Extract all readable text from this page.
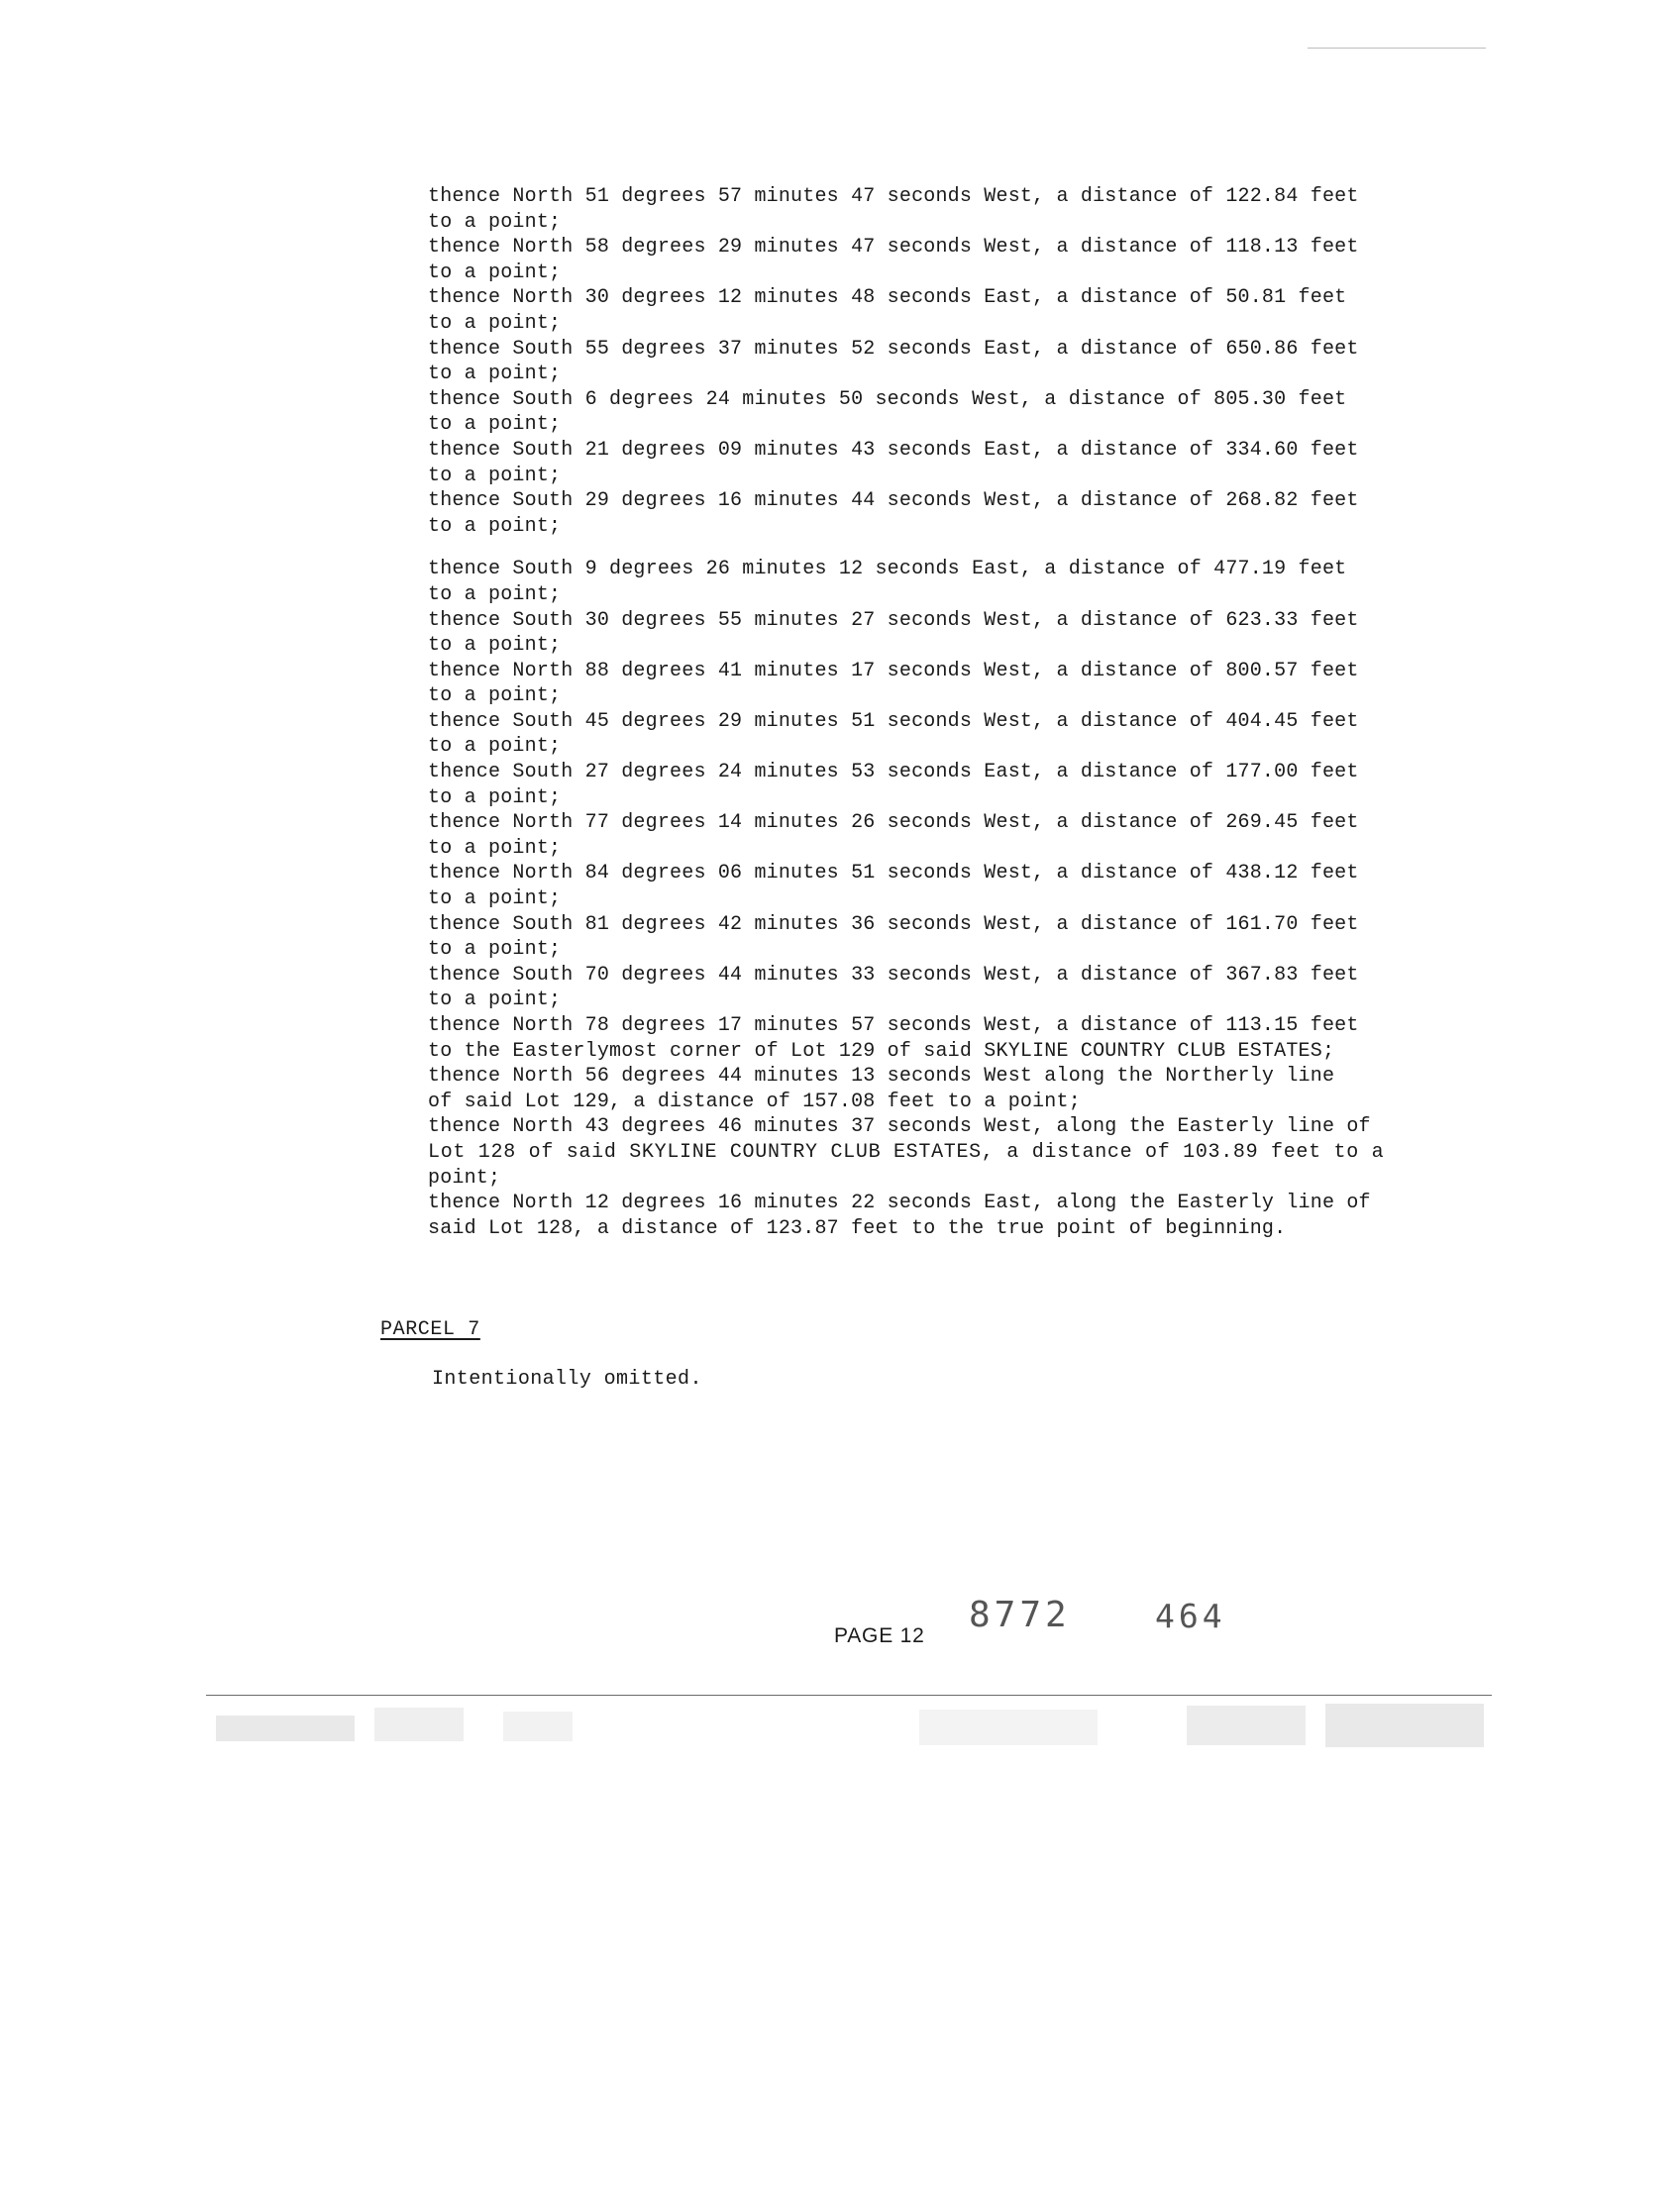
thence North 51 degrees 57 minutes 47 seconds West, a distance of 122.84 feet
to a point;
thence North 58 degrees 29 minutes 47 seconds West, a distance of 118.13 feet
to a point;
thence North 30 degrees 12 minutes 48 seconds East, a distance of 50.81 feet
to a point;
thence South 55 degrees 37 minutes 52 seconds East, a distance of 650.86 feet
to a point;
thence South 6 degrees 24 minutes 50 seconds West, a distance of 805.30 feet
to a point;
thence South 21 degrees 09 minutes 43 seconds East, a distance of 334.60 feet
to a point;
thence South 29 degrees 16 minutes 44 seconds West, a distance of 268.82 feet
to a point;
thence South 9 degrees 26 minutes 12 seconds East, a distance of 477.19 feet
to a point;
thence South 30 degrees 55 minutes 27 seconds West, a distance of 623.33 feet
to a point;
thence North 88 degrees 41 minutes 17 seconds West, a distance of 800.57 feet
to a point;
thence South 45 degrees 29 minutes 51 seconds West, a distance of 404.45 feet
to a point;
thence South 27 degrees 24 minutes 53 seconds East, a distance of 177.00 feet
to a point;
thence North 77 degrees 14 minutes 26 seconds West, a distance of 269.45 feet
to a point;
thence North 84 degrees 06 minutes 51 seconds West, a distance of 438.12 feet
to a point;
thence South 81 degrees 42 minutes 36 seconds West, a distance of 161.70 feet
to a point;
thence South 70 degrees 44 minutes 33 seconds West, a distance of 367.83 feet
to a point;
thence North 78 degrees 17 minutes 57 seconds West, a distance of 113.15 feet
to the Easterlymost corner of Lot 129 of said SKYLINE COUNTRY CLUB ESTATES;
thence North 56 degrees 44 minutes 13 seconds West along the Northerly line
of said Lot 129, a distance of 157.08 feet to a point;
thence North 43 degrees 46 minutes 37 seconds West, along the Easterly line of
Lot 128 of said SKYLINE COUNTRY CLUB ESTATES, a distance of 103.89 feet to a
point;
thence North 12 degrees 16 minutes 22 seconds East, along the Easterly line of
said Lot 128, a distance of 123.87 feet to the true point of beginning.
PARCEL 7
Intentionally omitted.
PAGE 12
8772	464
